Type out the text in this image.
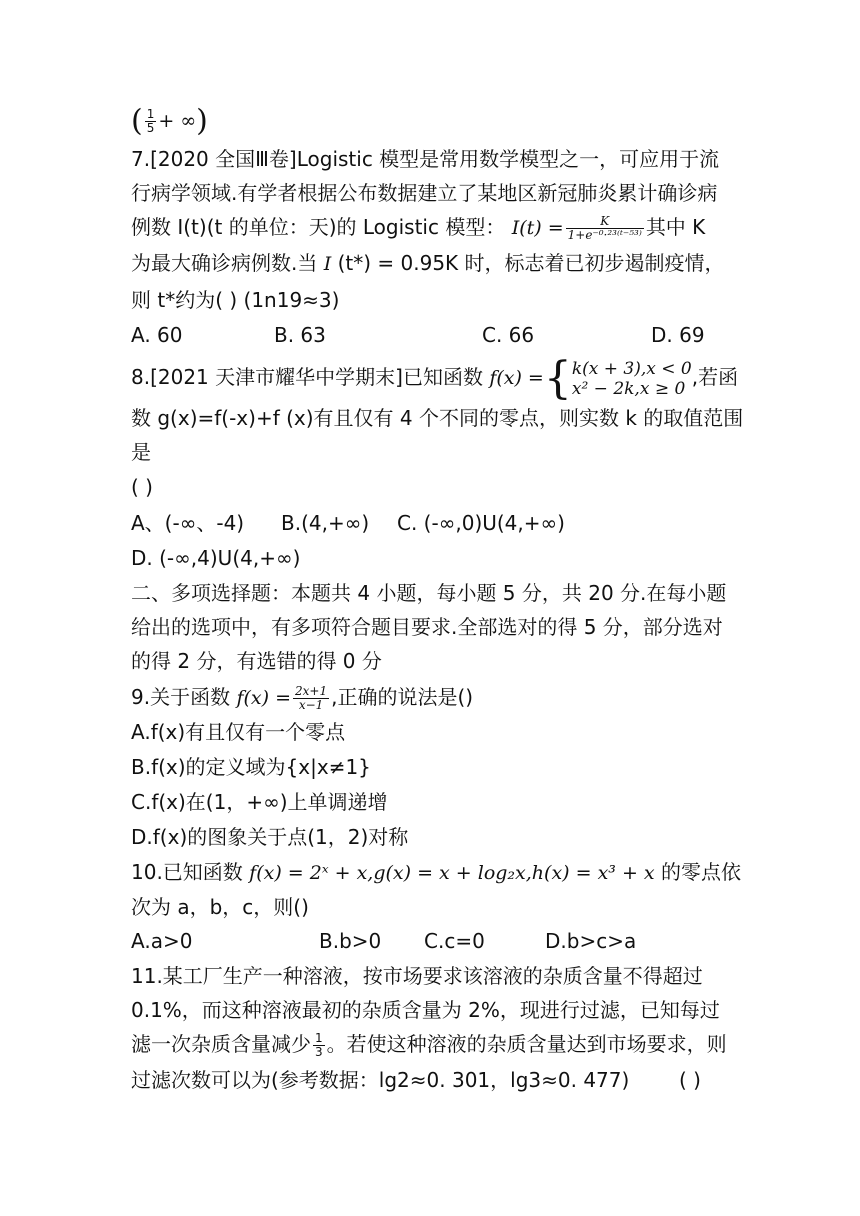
( $\frac{1}{5}$ + ∞)
7.[2020 全国Ⅲ卷]Logistic 模型是常用数学模型之一，可应用于流
行病学领域.有学者根据公布数据建立了某地区新冠肺炎累计确诊病
例数 I(t)(t 的单位：天)的 Logistic 模型： $I(t) = \frac{K}{\text{1+e⁻⁰·²³⁽ᵗ⁻⁵³⁾}}$ 其中 K
为最大确诊病例数.当 I (t*) = 0.95K 时，标志着已初步遏制疫情，
则 t*约为( ) (1n19≈3)
A. 60	B. 63	C. 66	D. 69
8.[2021 天津市耀华中学期末]已知函数 f(x) ={ k(x + 3),x < 0
x² − 2k,x ≥ 0 ,若函
数 g(x)=f(-x)+f (x)有且仅有 4 个不同的零点，则实数 k 的取值范围
是
( )
A、(-∞、-4) B.(4,+∞) C. (-∞,0)U(4,+∞)
D. (-∞,4)U(4,+∞)
二、多项选择题：本题共 4 小题，每小题 5 分，共 20 分.在每小题
给出的选项中，有多项符合题目要求.全部选对的得 5 分，部分选对
的得 2 分，有选错的得 0 分
9.关于函数 $f(x) = \frac{2x+1}{x-1}$ ,正确的说法是()
A.f(x)有且仅有一个零点
B.f(x)的定义域为{x|x≠1}
C.f(x)在(1，+∞)上单调递增
D.f(x)的图象关于点(1，2)对称
10.已知函数 f(x) = 2ˣ + x,g(x) = x + log₂x,h(x) = x³ + x 的零点依
次为 a，b，c，则()
A.a>0	B.b>0 C.c=0	D.b>c>a
11.某工厂生产一种溶液，按市场要求该溶液的杂质含量不得超过
0.1%，而这种溶液最初的杂质含量为 2%，现进行过滤，已知每过
滤一次杂质含量减少 $\frac{1}{3}$ 。若使这种溶液的杂质含量达到市场要求，则
过滤次数可以为(参考数据：lg2≈0. 301，lg3≈0. 477) ( )
